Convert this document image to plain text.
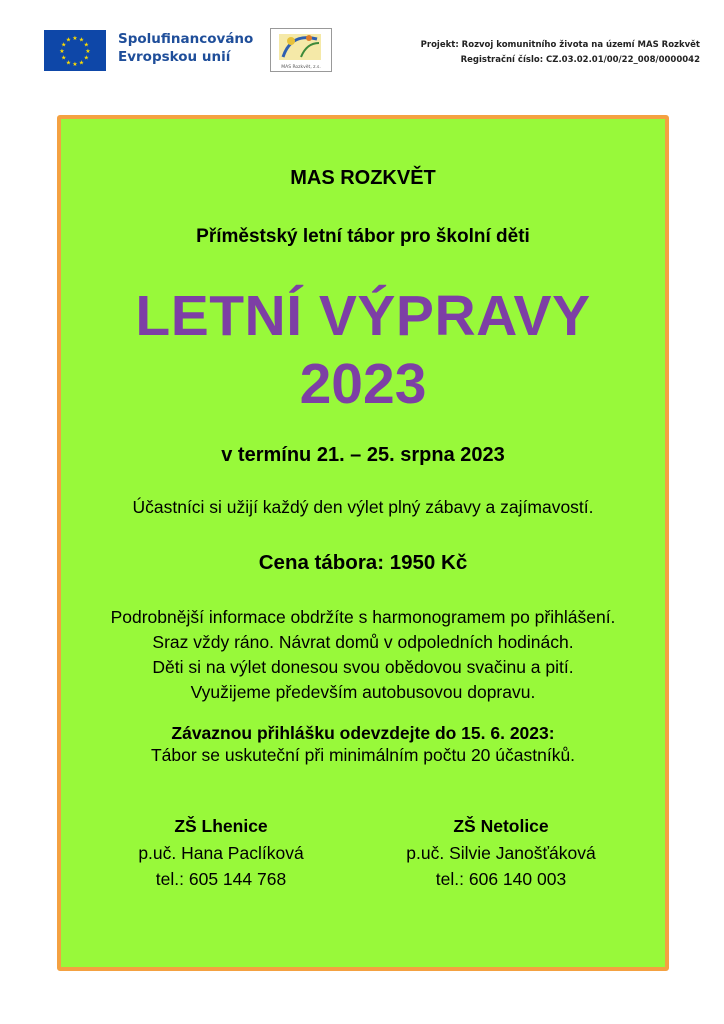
★ ★
★
★
★
★
★
★
★
★
★
★	Spolufinancováno
Evropskou unií
MAS Rozkvět, z.s.
Projekt: Rozvoj komunitního života na území MAS Rozkvět
Registrační číslo: CZ.03.02.01/00/22_008/0000042
MAS ROZKVĚT
Příměstský letní tábor pro školní děti
LETNÍ VÝPRAVY
2023
v termínu 21. – 25. srpna 2023
Účastníci si užijí každý den výlet plný zábavy a zajímavostí.
Cena tábora: 1950 Kč
Podrobnější informace obdržíte s harmonogramem po přihlášení.
Sraz vždy ráno. Návrat domů v odpoledních hodinách.
Děti si na výlet donesou svou obědovou svačinu a pití.
Využijeme především autobusovou dopravu.
Závaznou přihlášku odevzdejte do 15. 6. 2023:
Tábor se uskuteční při minimálním počtu 20 účastníků.
ZŠ Lhenice
p.uč. Hana Paclíková
tel.: 605 144 768
ZŠ Netolice
p.uč. Silvie Janošťáková
tel.: 606 140 003
